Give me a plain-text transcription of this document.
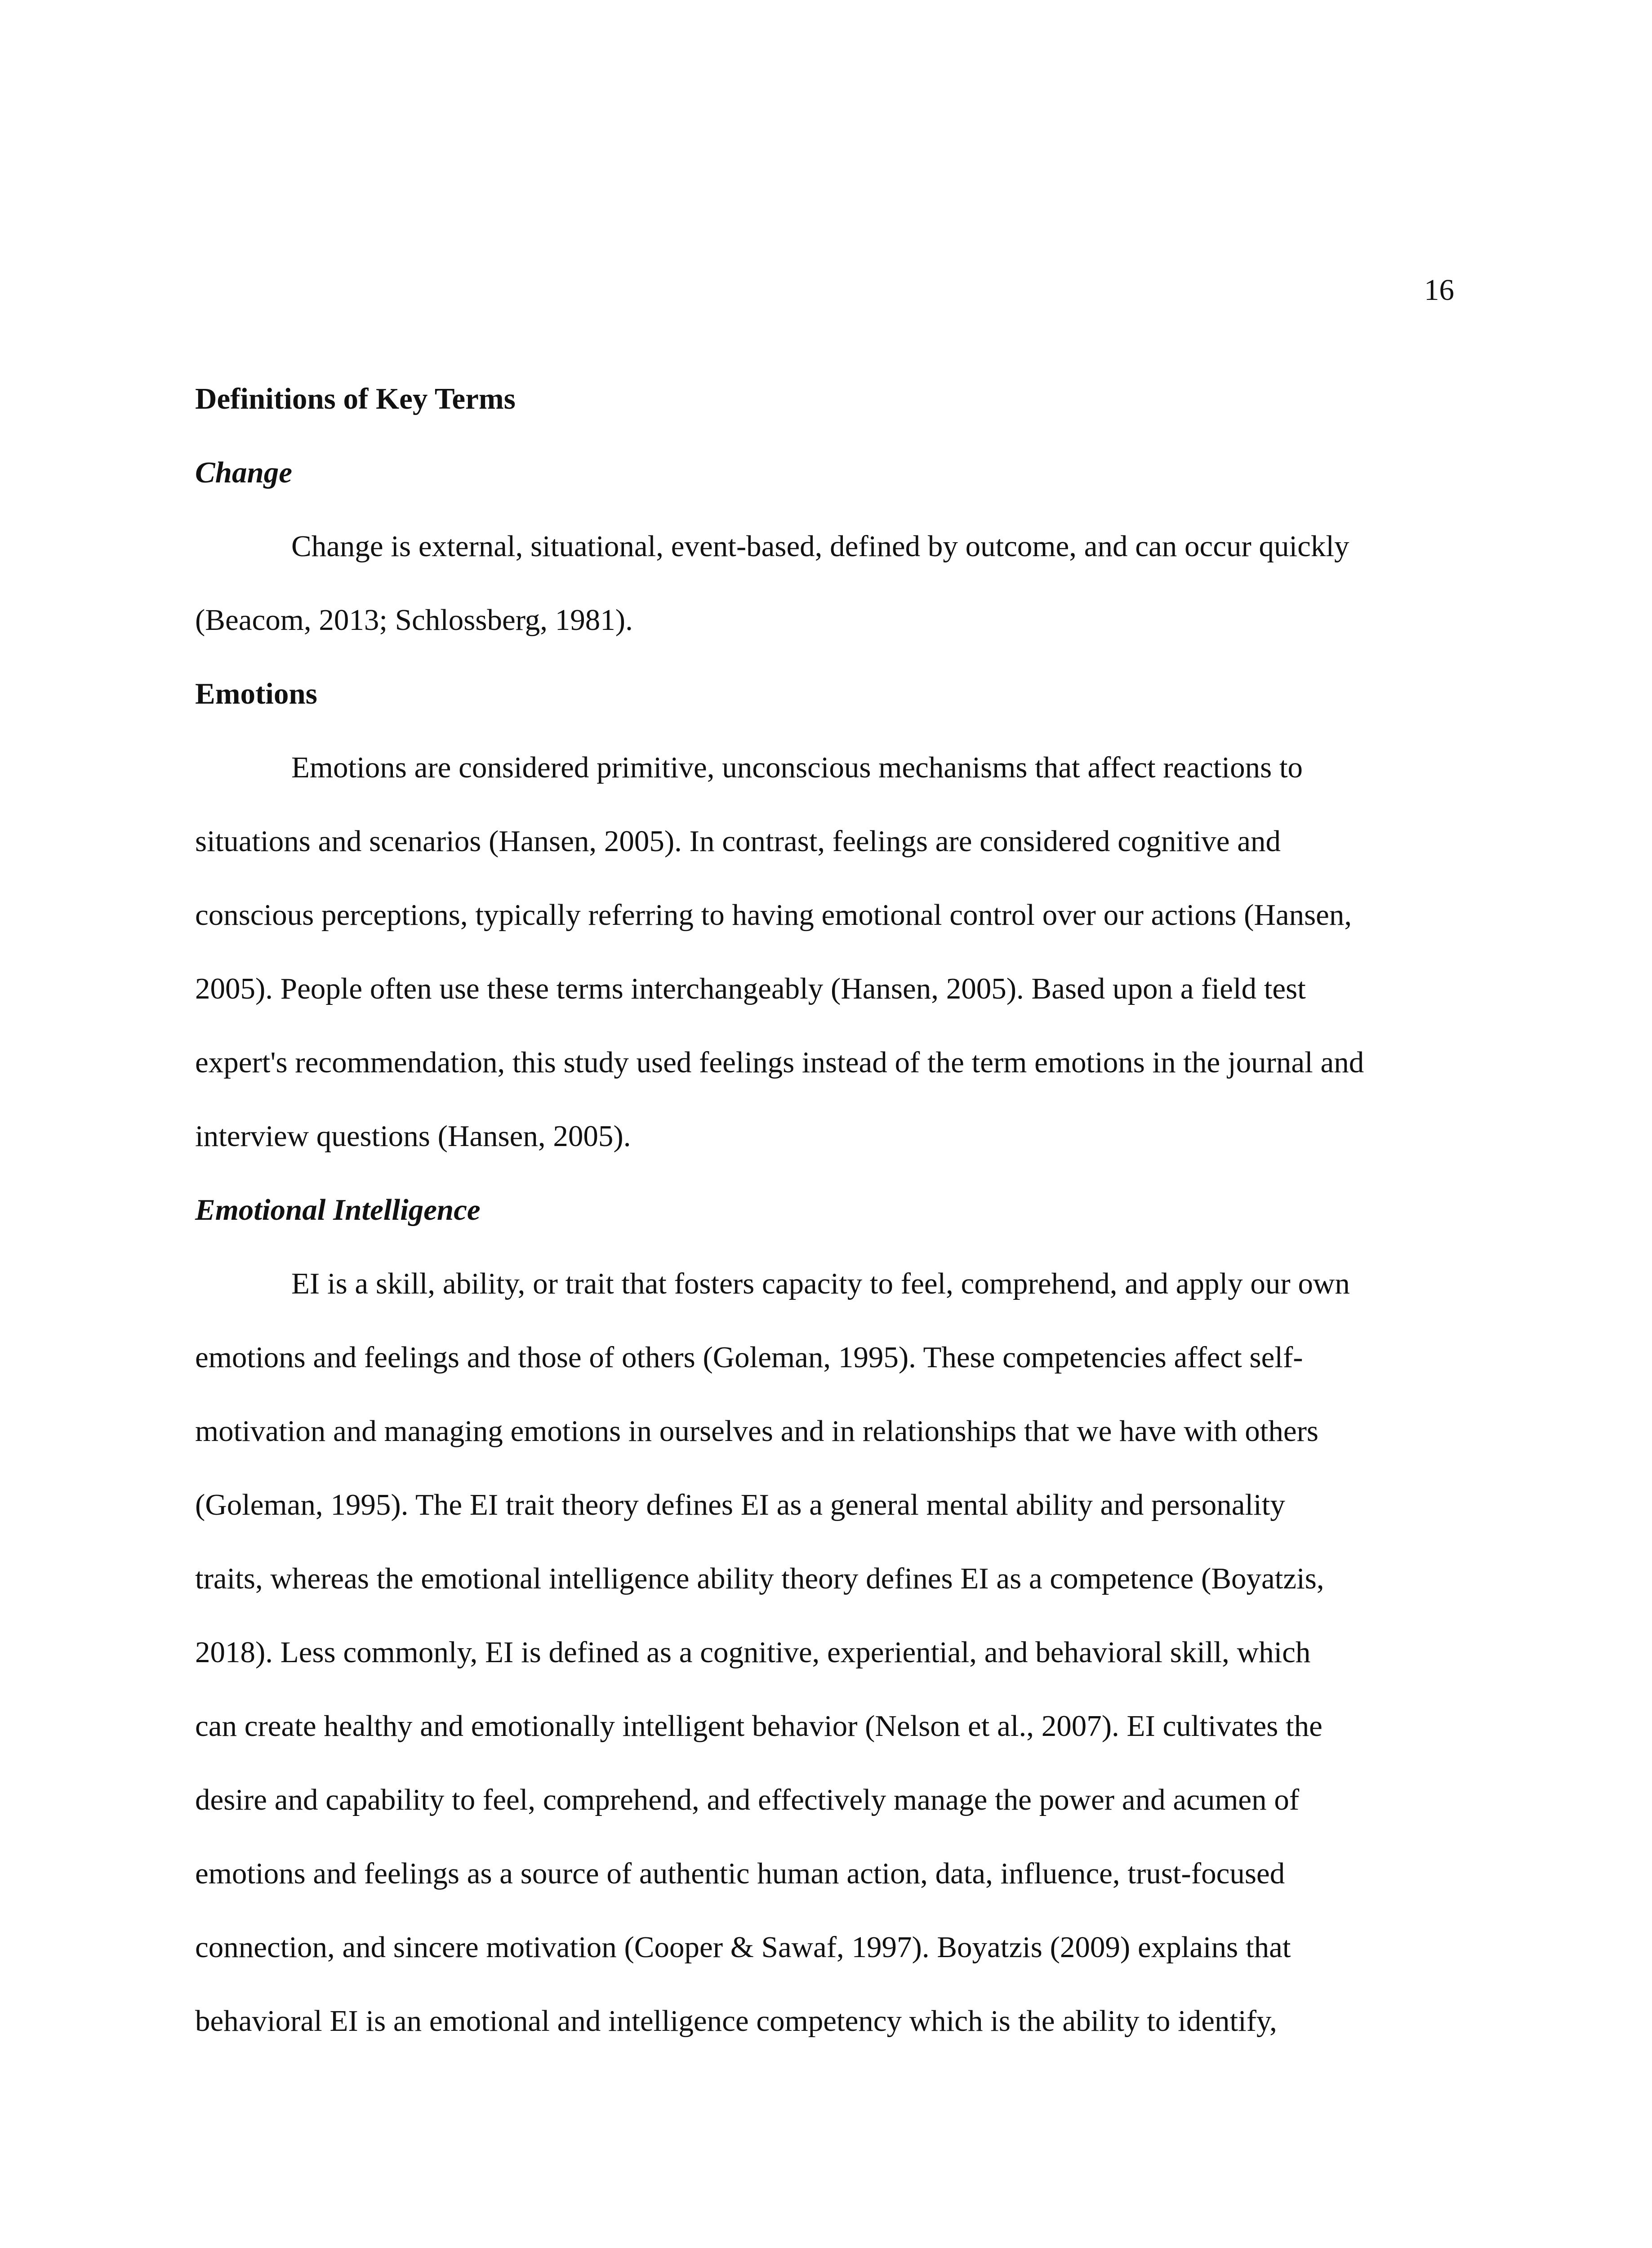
16

Definitions of Key Terms

Change

Change is external, situational, event-based, defined by outcome, and can occur quickly
(Beacom, 2013; Schlossberg, 1981).

Emotions

Emotions are considered primitive, unconscious mechanisms that affect reactions to
situations and scenarios (Hansen, 2005). In contrast, feelings are considered cognitive and
conscious perceptions, typically referring to having emotional control over our actions (Hansen,
2005). People often use these terms interchangeably (Hansen, 2005). Based upon a field test
expert's recommendation, this study used feelings instead of the term emotions in the journal and
interview questions (Hansen, 2005).

Emotional Intelligence

EI is a skill, ability, or trait that fosters capacity to feel, comprehend, and apply our own
emotions and feelings and those of others (Goleman, 1995). These competencies affect self-
motivation and managing emotions in ourselves and in relationships that we have with others
(Goleman, 1995). The EI trait theory defines EI as a general mental ability and personality
traits, whereas the emotional intelligence ability theory defines EI as a competence (Boyatzis,
2018). Less commonly, EI is defined as a cognitive, experiential, and behavioral skill, which
can create healthy and emotionally intelligent behavior (Nelson et al., 2007). EI cultivates the
desire and capability to feel, comprehend, and effectively manage the power and acumen of
emotions and feelings as a source of authentic human action, data, influence, trust-focused
connection, and sincere motivation (Cooper & Sawaf, 1997). Boyatzis (2009) explains that
behavioral EI is an emotional and intelligence competency which is the ability to identify,
